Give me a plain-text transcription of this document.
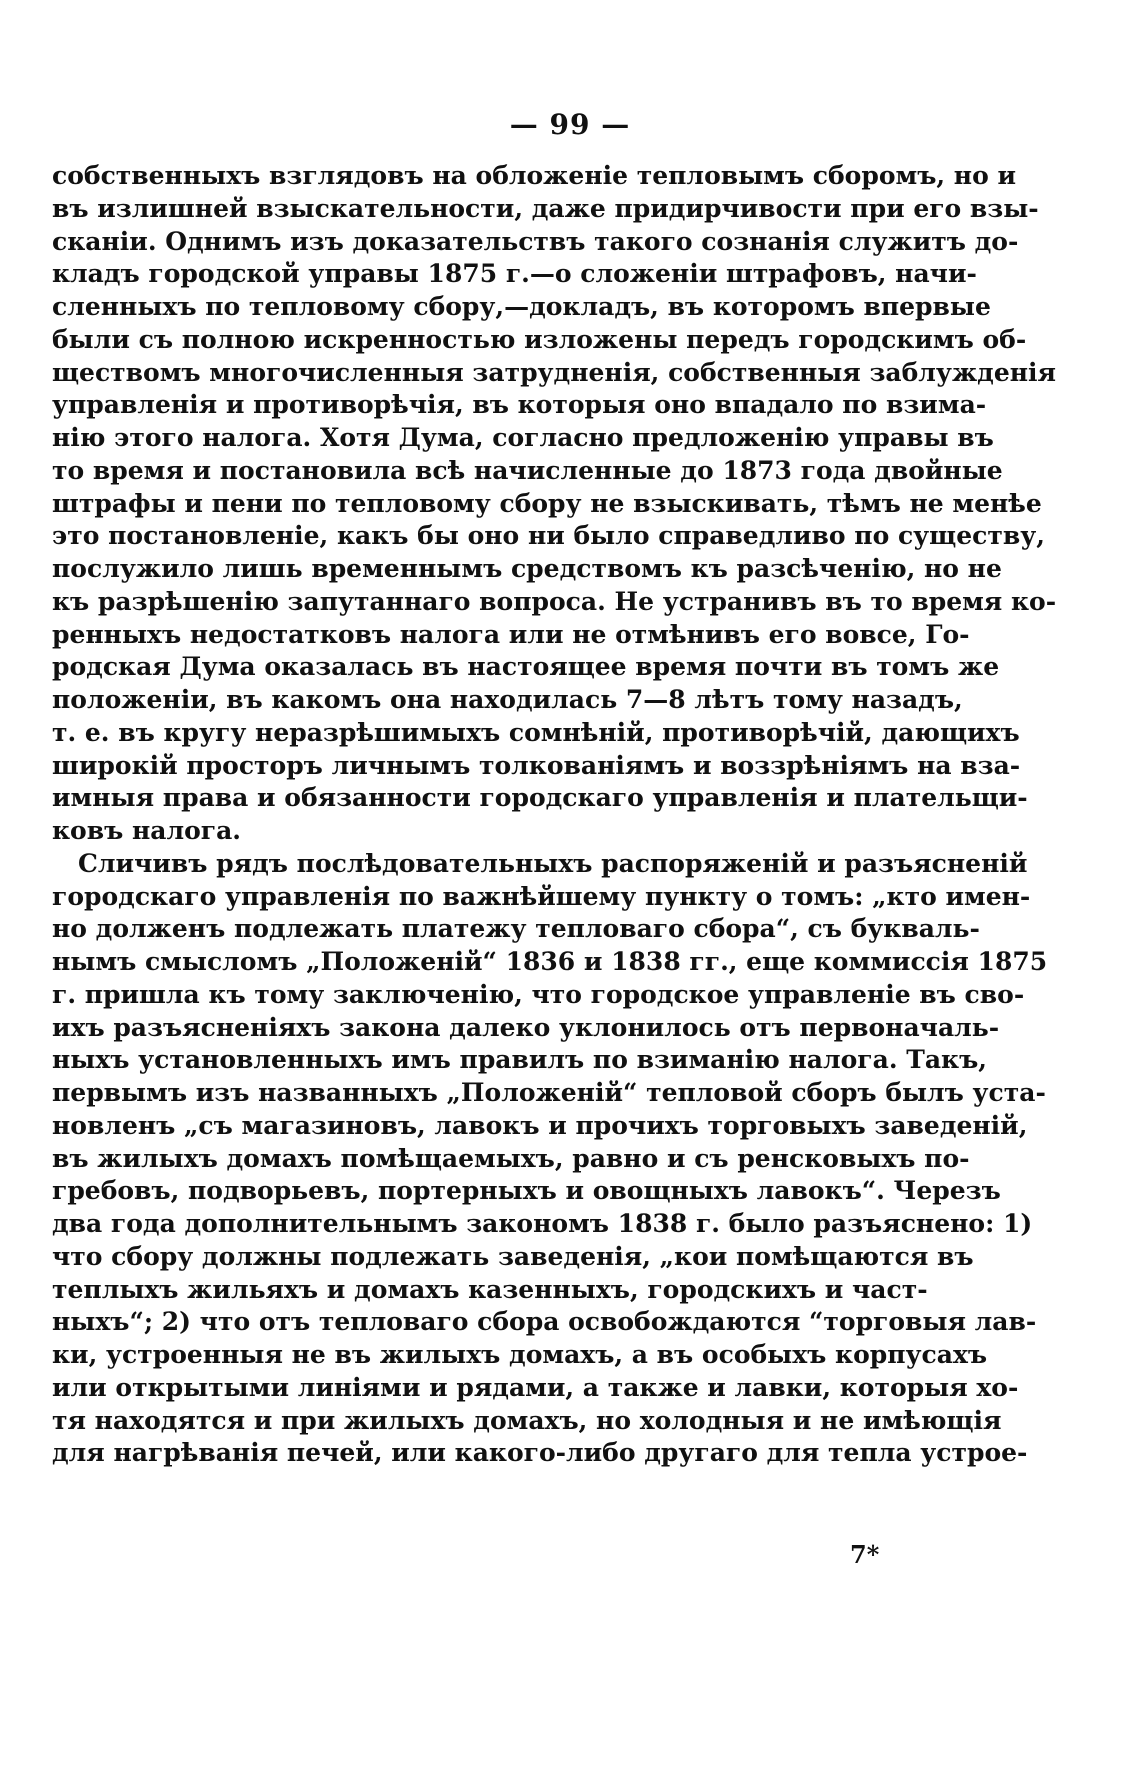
— 99 —
собственныхъ взглядовъ на обложеніе тепловымъ сборомъ, но и
въ излишней взыскательности, даже придирчивости при его взы-
сканіи. Однимъ изъ доказательствъ такого сознанія служитъ до-
кладъ городской управы 1875 г.—о сложеніи штрафовъ, начи-
сленныхъ по тепловому сбору,—докладъ, въ которомъ впервые
были съ полною искренностью изложены передъ городскимъ об-
ществомъ многочисленныя затрудненія, собственныя заблужденія
управленія и противорѣчія, въ которыя оно впадало по взима-
нію этого налога. Хотя Дума, согласно предложенію управы въ
то время и постановила всѣ начисленные до 1873 года двойные
штрафы и пени по тепловому сбору не взыскивать, тѣмъ не менѣе
это постановленіе, какъ бы оно ни было справедливо по существу,
послужило лишь временнымъ средствомъ къ разсѣченію, но не
къ разрѣшенію запутаннаго вопроса. Не устранивъ въ то время ко-
ренныхъ недостатковъ налога или не отмѣнивъ его вовсе, Го-
родская Дума оказалась въ настоящее время почти въ томъ же
положеніи, въ какомъ она находилась 7—8 лѣтъ тому назадъ,
т. е. въ кругу неразрѣшимыхъ сомнѣній, противорѣчій, дающихъ
широкій просторъ личнымъ толкованіямъ и воззрѣніямъ на вза-
имныя права и обязанности городскаго управленія и плательщи-
ковъ налога.
Сличивъ рядъ послѣдовательныхъ распоряженій и разъясненій
городскаго управленія по важнѣйшему пункту о томъ: „кто имен-
но долженъ подлежать платежу тепловаго сбора“, съ букваль-
нымъ смысломъ „Положеній“ 1836 и 1838 гг., еще коммиссія 1875
г. пришла къ тому заключенію, что городское управленіе въ сво-
ихъ разъясненіяхъ закона далеко уклонилось отъ первоначаль-
ныхъ установленныхъ имъ правилъ по взиманію налога. Такъ,
первымъ изъ названныхъ „Положеній“ тепловой сборъ былъ уста-
новленъ „съ магазиновъ, лавокъ и прочихъ торговыхъ заведеній,
въ жилыхъ домахъ помѣщаемыхъ, равно и съ ренсковыхъ по-
гребовъ, подворьевъ, портерныхъ и овощныхъ лавокъ“. Черезъ
два года дополнительнымъ закономъ 1838 г. было разъяснено: 1)
что сбору должны подлежать заведенія, „кои помѣщаются въ
теплыхъ жильяхъ и домахъ казенныхъ, городскихъ и част-
ныхъ“; 2) что отъ тепловаго сбора освобождаются “торговыя лав-
ки, устроенныя не въ жилыхъ домахъ, а въ особыхъ корпусахъ
или открытыми линіями и рядами, а также и лавки, которыя хо-
тя находятся и при жилыхъ домахъ, но холодныя и не имѣющія
для нагрѣванія печей, или какого-либо другаго для тепла устрое-
7*
